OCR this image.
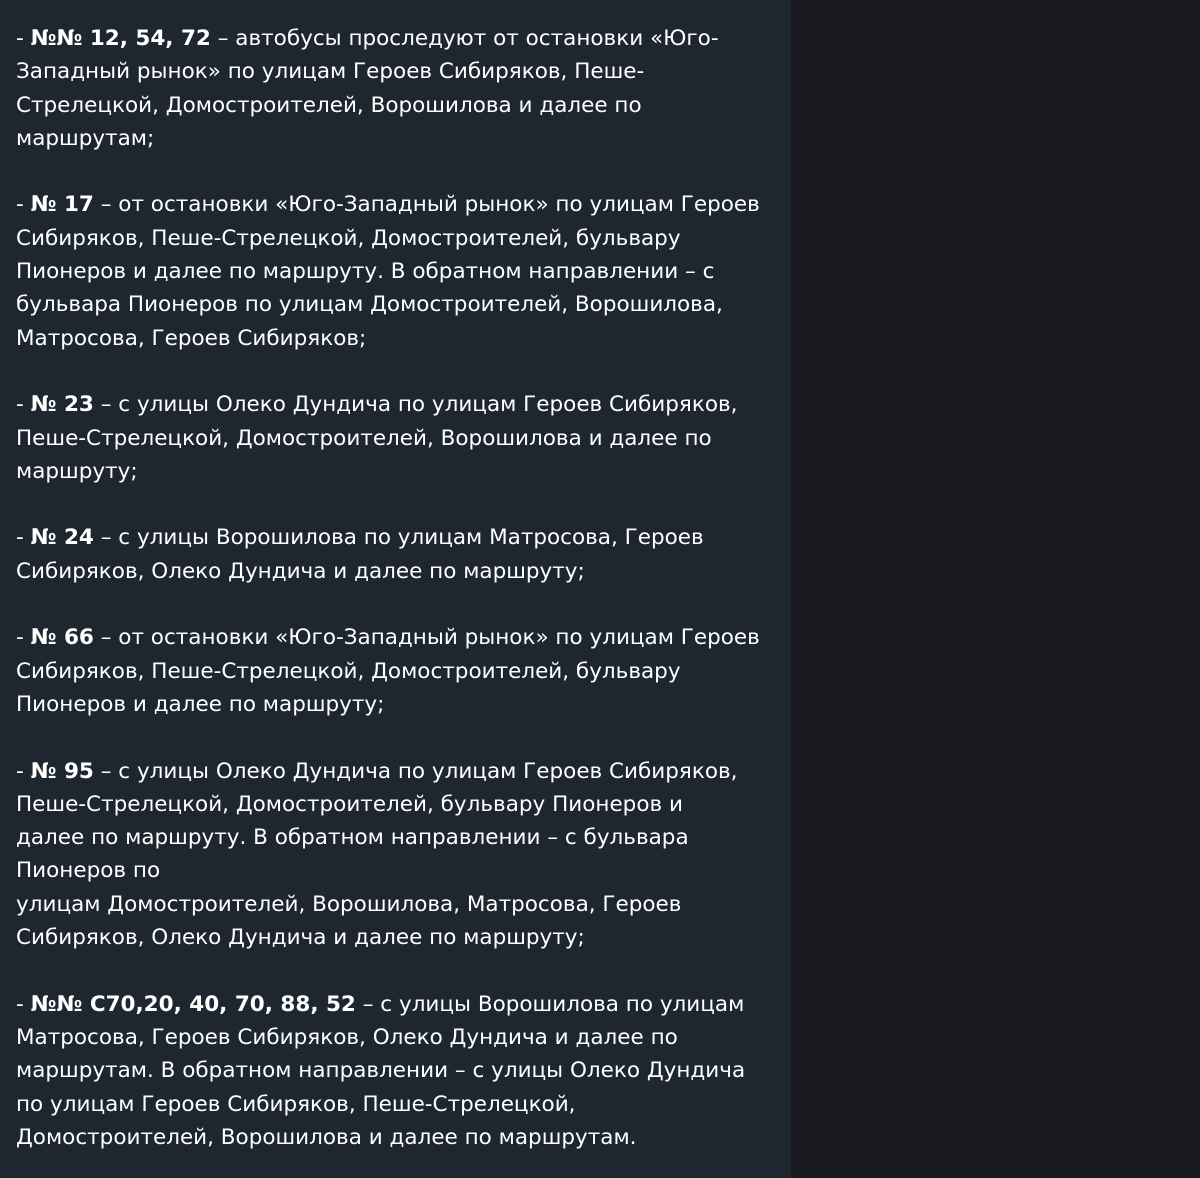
- №№ 12, 54, 72 – автобусы проследуют от остановки «Юго-
Западный рынок» по улицам Героев Сибиряков, Пеше-
Стрелецкой, Домостроителей, Ворошилова и далее по
маршрутам;
- № 17 – от остановки «Юго-Западный рынок» по улицам Героев
Сибиряков, Пеше-Стрелецкой, Домостроителей, бульвару
Пионеров и далее по маршруту. В обратном направлении – с
бульвара Пионеров по улицам Домостроителей, Ворошилова,
Матросова, Героев Сибиряков;
- № 23 – с улицы Олеко Дундича по улицам Героев Сибиряков,
Пеше-Стрелецкой, Домостроителей, Ворошилова и далее по
маршруту;
- № 24 – с улицы Ворошилова по улицам Матросова, Героев
Сибиряков, Олеко Дундича и далее по маршруту;
- № 66 – от остановки «Юго-Западный рынок» по улицам Героев
Сибиряков, Пеше-Стрелецкой, Домостроителей, бульвару
Пионеров и далее по маршруту;
- № 95 – с улицы Олеко Дундича по улицам Героев Сибиряков,
Пеше-Стрелецкой, Домостроителей, бульвару Пионеров и
далее по маршруту. В обратном направлении – с бульвара
Пионеров по
улицам Домостроителей, Ворошилова, Матросова, Героев
Сибиряков, Олеко Дундича и далее по маршруту;
- №№ С70,20, 40, 70, 88, 52 – с улицы Ворошилова по улицам
Матросова, Героев Сибиряков, Олеко Дундича и далее по
маршрутам. В обратном направлении – с улицы Олеко Дундича
по улицам Героев Сибиряков, Пеше-Стрелецкой,
Домостроителей, Ворошилова и далее по маршрутам.
